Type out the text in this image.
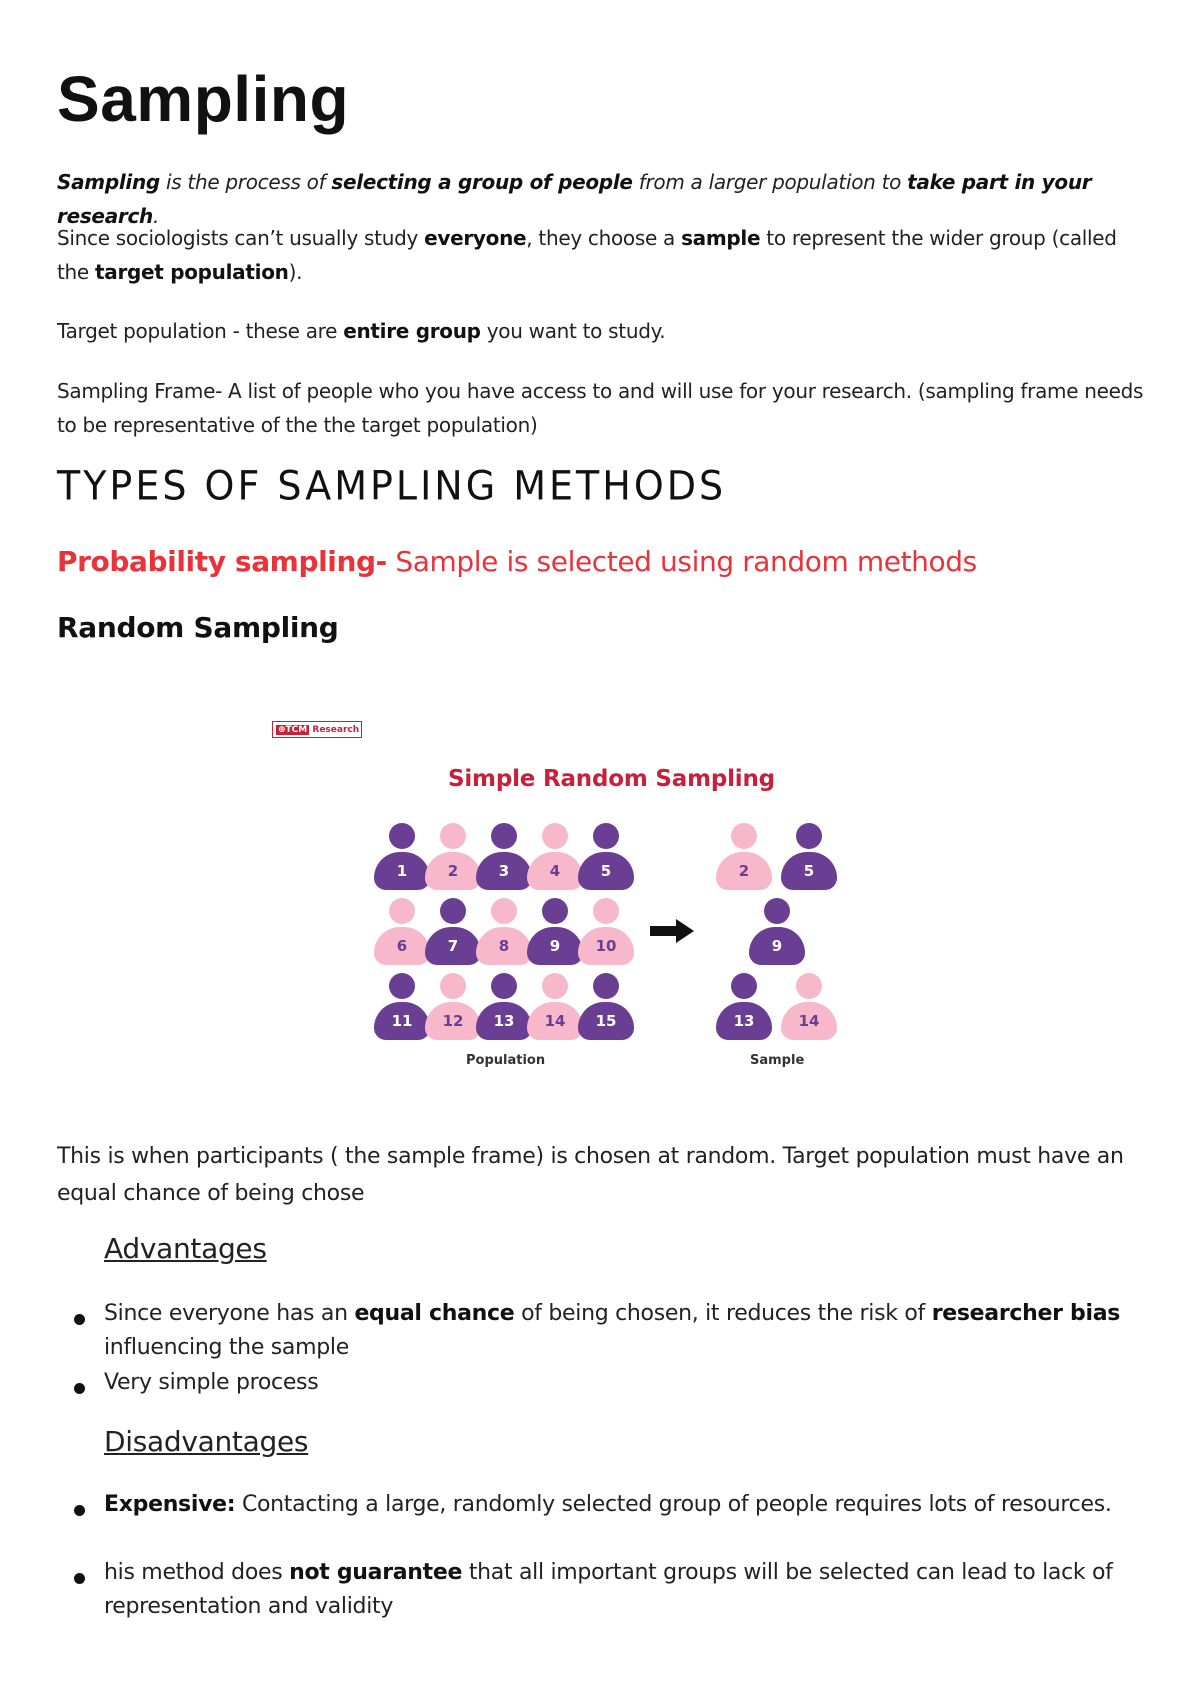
Sampling

Sampling is the process of selecting a group of people from a larger population to take part in your research.

Since sociologists can’t usually study everyone, they choose a sample to represent the wider group (called the target population).

Target population - these are entire group you want to study.

Sampling Frame- A list of people who you have access to and will use for your research. (sampling frame needs to be representative of the the target population)

TYPES OF SAMPLING METHODS

Probability sampling- Sample is selected using random methods

Random Sampling
⊕TCM Research
Simple Random Sampling
1	2	3	4	5
6	7	8	9	10
11	12	13	14	15
2	5
9
13	14
Population	Sample

This is when participants ( the sample frame) is chosen at random. Target population must have an equal chance of being chose

Advantages

Since everyone has an equal chance of being chosen, it reduces the risk of researcher bias influencing the sample

Very simple process

Disadvantages

Expensive: Contacting a large, randomly selected group of people requires lots of resources.

his method does not guarantee that all important groups will be selected can lead to lack of representation and validity
